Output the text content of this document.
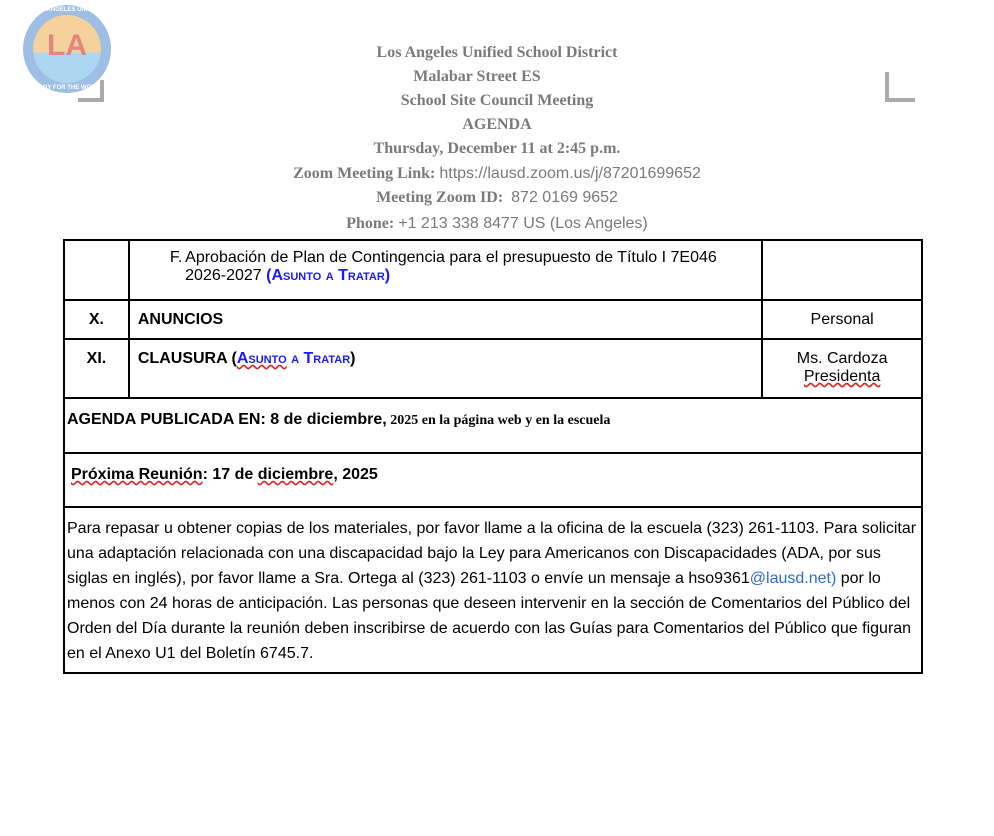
LA

LOS ANGELES UNIFIED
READY FOR THE WORLD
Los Angeles Unified School District
Malabar Street ES
School Site Council Meeting
AGENDA
Thursday, December 11 at 2:45 p.m.
Zoom Meeting Link: https://lausd.zoom.us/j/87201699652
Meeting Zoom ID: 872 0169 9652
Phone: +1 213 338 8477 US (Los Angeles)

	F. Aprobación de Plan de Contingencia para el presupuesto de Título I 7E046 2026-2027 (Asunto a Tratar)	

X.	ANUNCIOS	Personal
XI.	CLAUSURA (Asunto a Tratar)	Ms. Cardoza
Presidenta

AGENDA PUBLICADA EN: 8 de diciembre, 2025 en la página web y en la escuela		
Próxima Reunión: 17 de diciembre, 2025		
Para repasar u obtener copias de los materiales, por favor llame a la oficina de la escuela (323) 261-1103. Para solicitar una adaptación relacionada con una discapacidad bajo la Ley para Americanos con Discapacidades (ADA, por sus siglas en inglés), por favor llame a Sra. Ortega al (323) 261-1103 o envíe un mensaje a hso9361@lausd.net) por lo menos con 24 horas de anticipación. Las personas que deseen intervenir en la sección de Comentarios del Público del Orden del Día durante la reunión deben inscribirse de acuerdo con las Guías para Comentarios del Público que figuran en el Anexo U1 del Boletín 6745.7.		
